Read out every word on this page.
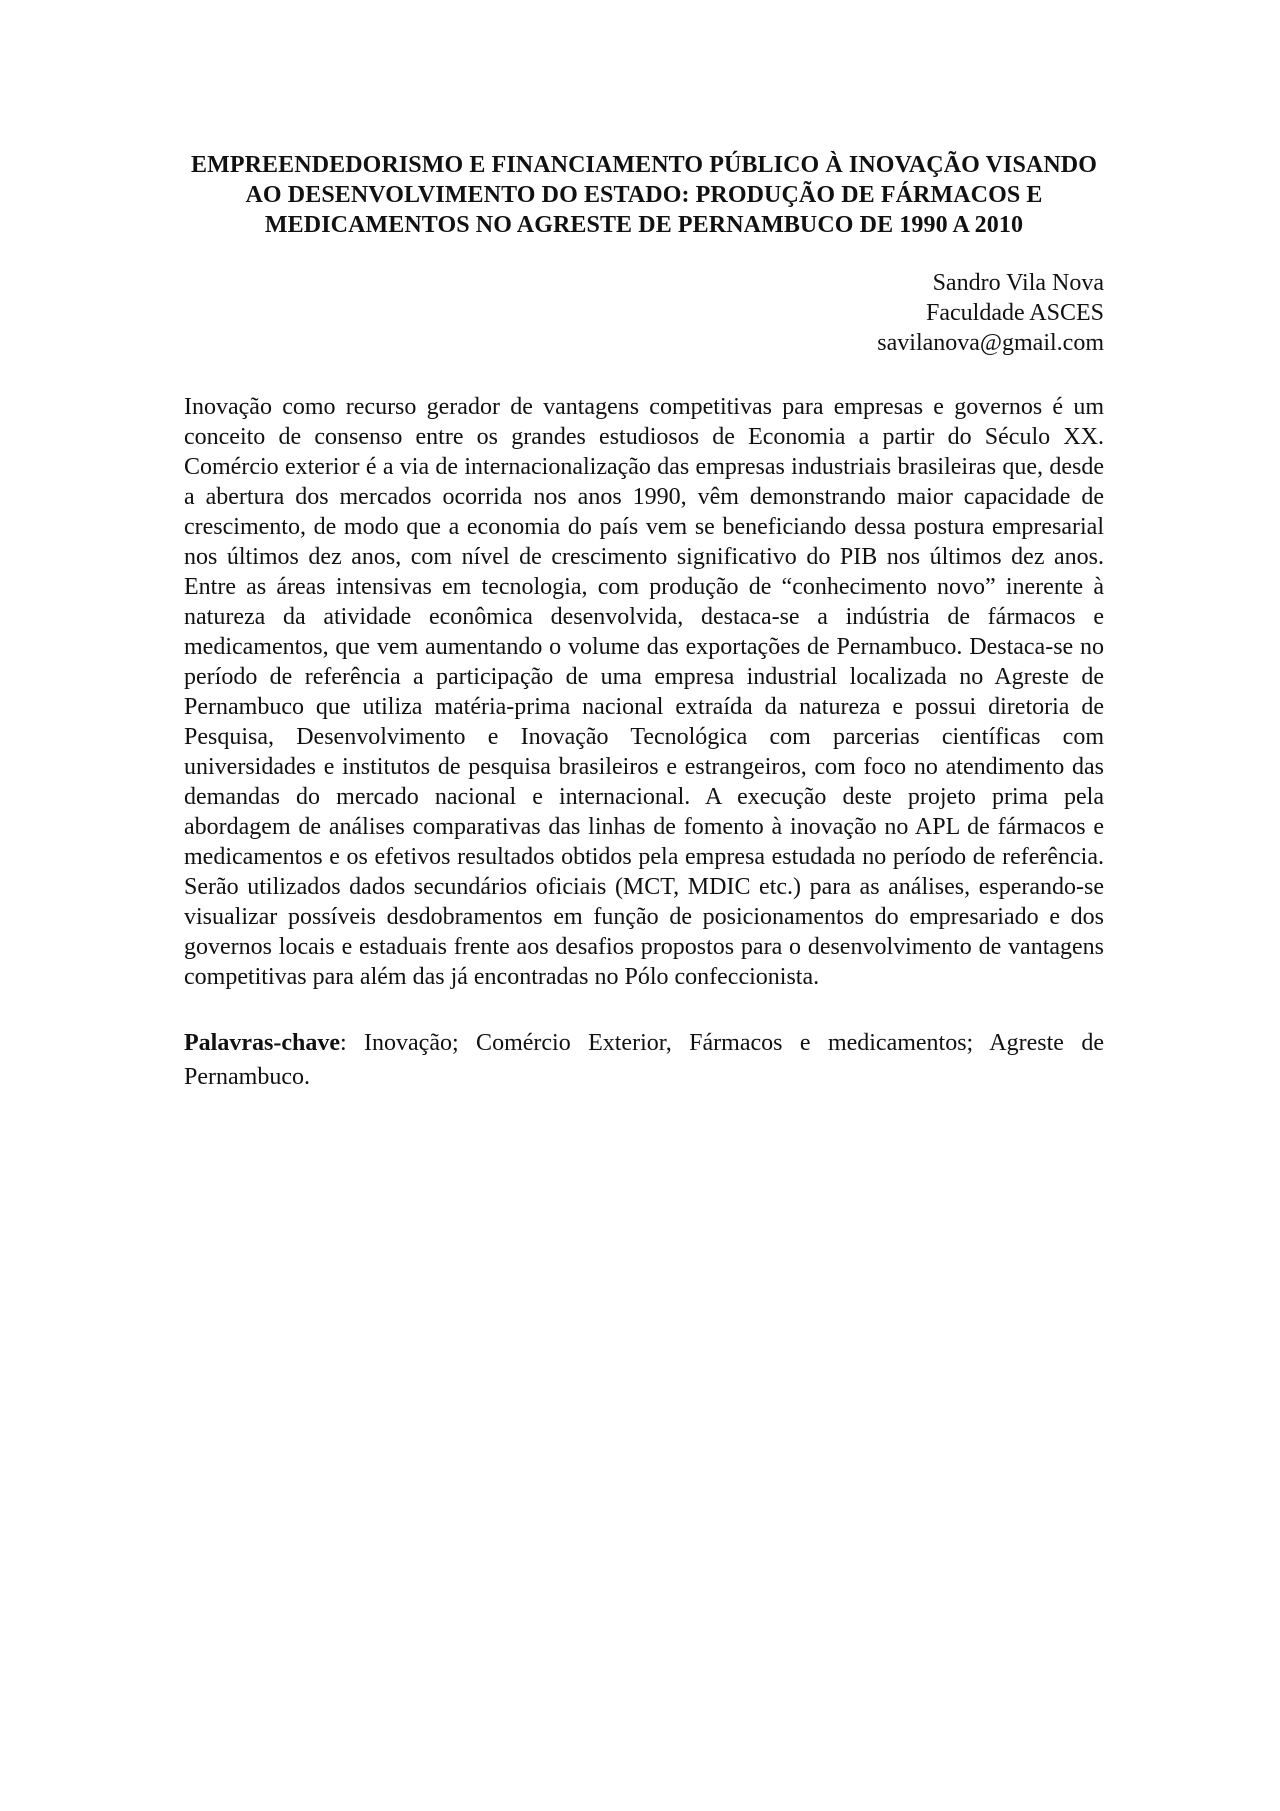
EMPREENDEDORISMO E FINANCIAMENTO PÚBLICO À INOVAÇÃO VISANDO AO DESENVOLVIMENTO DO ESTADO: PRODUÇÃO DE FÁRMACOS E MEDICAMENTOS NO AGRESTE DE PERNAMBUCO DE 1990 A 2010
Sandro Vila Nova
Faculdade ASCES
savilanova@gmail.com

Inovação como recurso gerador de vantagens competitivas para empresas e governos é um conceito de consenso entre os grandes estudiosos de Economia a partir do Século XX. Comércio exterior é a via de internacionalização das empresas industriais brasileiras que, desde a abertura dos mercados ocorrida nos anos 1990, vêm demonstrando maior capacidade de crescimento, de modo que a economia do país vem se beneficiando dessa postura empresarial nos últimos dez anos, com nível de crescimento significativo do PIB nos últimos dez anos. Entre as áreas intensivas em tecnologia, com produção de “conhecimento novo” inerente à natureza da atividade econômica desenvolvida, destaca-se a indústria de fármacos e medicamentos, que vem aumentando o volume das exportações de Pernambuco. Destaca-se no período de referência a participação de uma empresa industrial localizada no Agreste de Pernambuco que utiliza matéria-prima nacional extraída da natureza e possui diretoria de Pesquisa, Desenvolvimento e Inovação Tecnológica com parcerias científicas com universidades e institutos de pesquisa brasileiros e estrangeiros, com foco no atendimento das demandas do mercado nacional e internacional. A execução deste projeto prima pela abordagem de análises comparativas das linhas de fomento à inovação no APL de fármacos e medicamentos e os efetivos resultados obtidos pela empresa estudada no período de referência. Serão utilizados dados secundários oficiais (MCT, MDIC etc.) para as análises, esperando-se visualizar possíveis desdobramentos em função de posicionamentos do empresariado e dos governos locais e estaduais frente aos desafios propostos para o desenvolvimento de vantagens competitivas para além das já encontradas no Pólo confeccionista.

Palavras-chave: Inovação; Comércio Exterior, Fármacos e medicamentos; Agreste de Pernambuco.
